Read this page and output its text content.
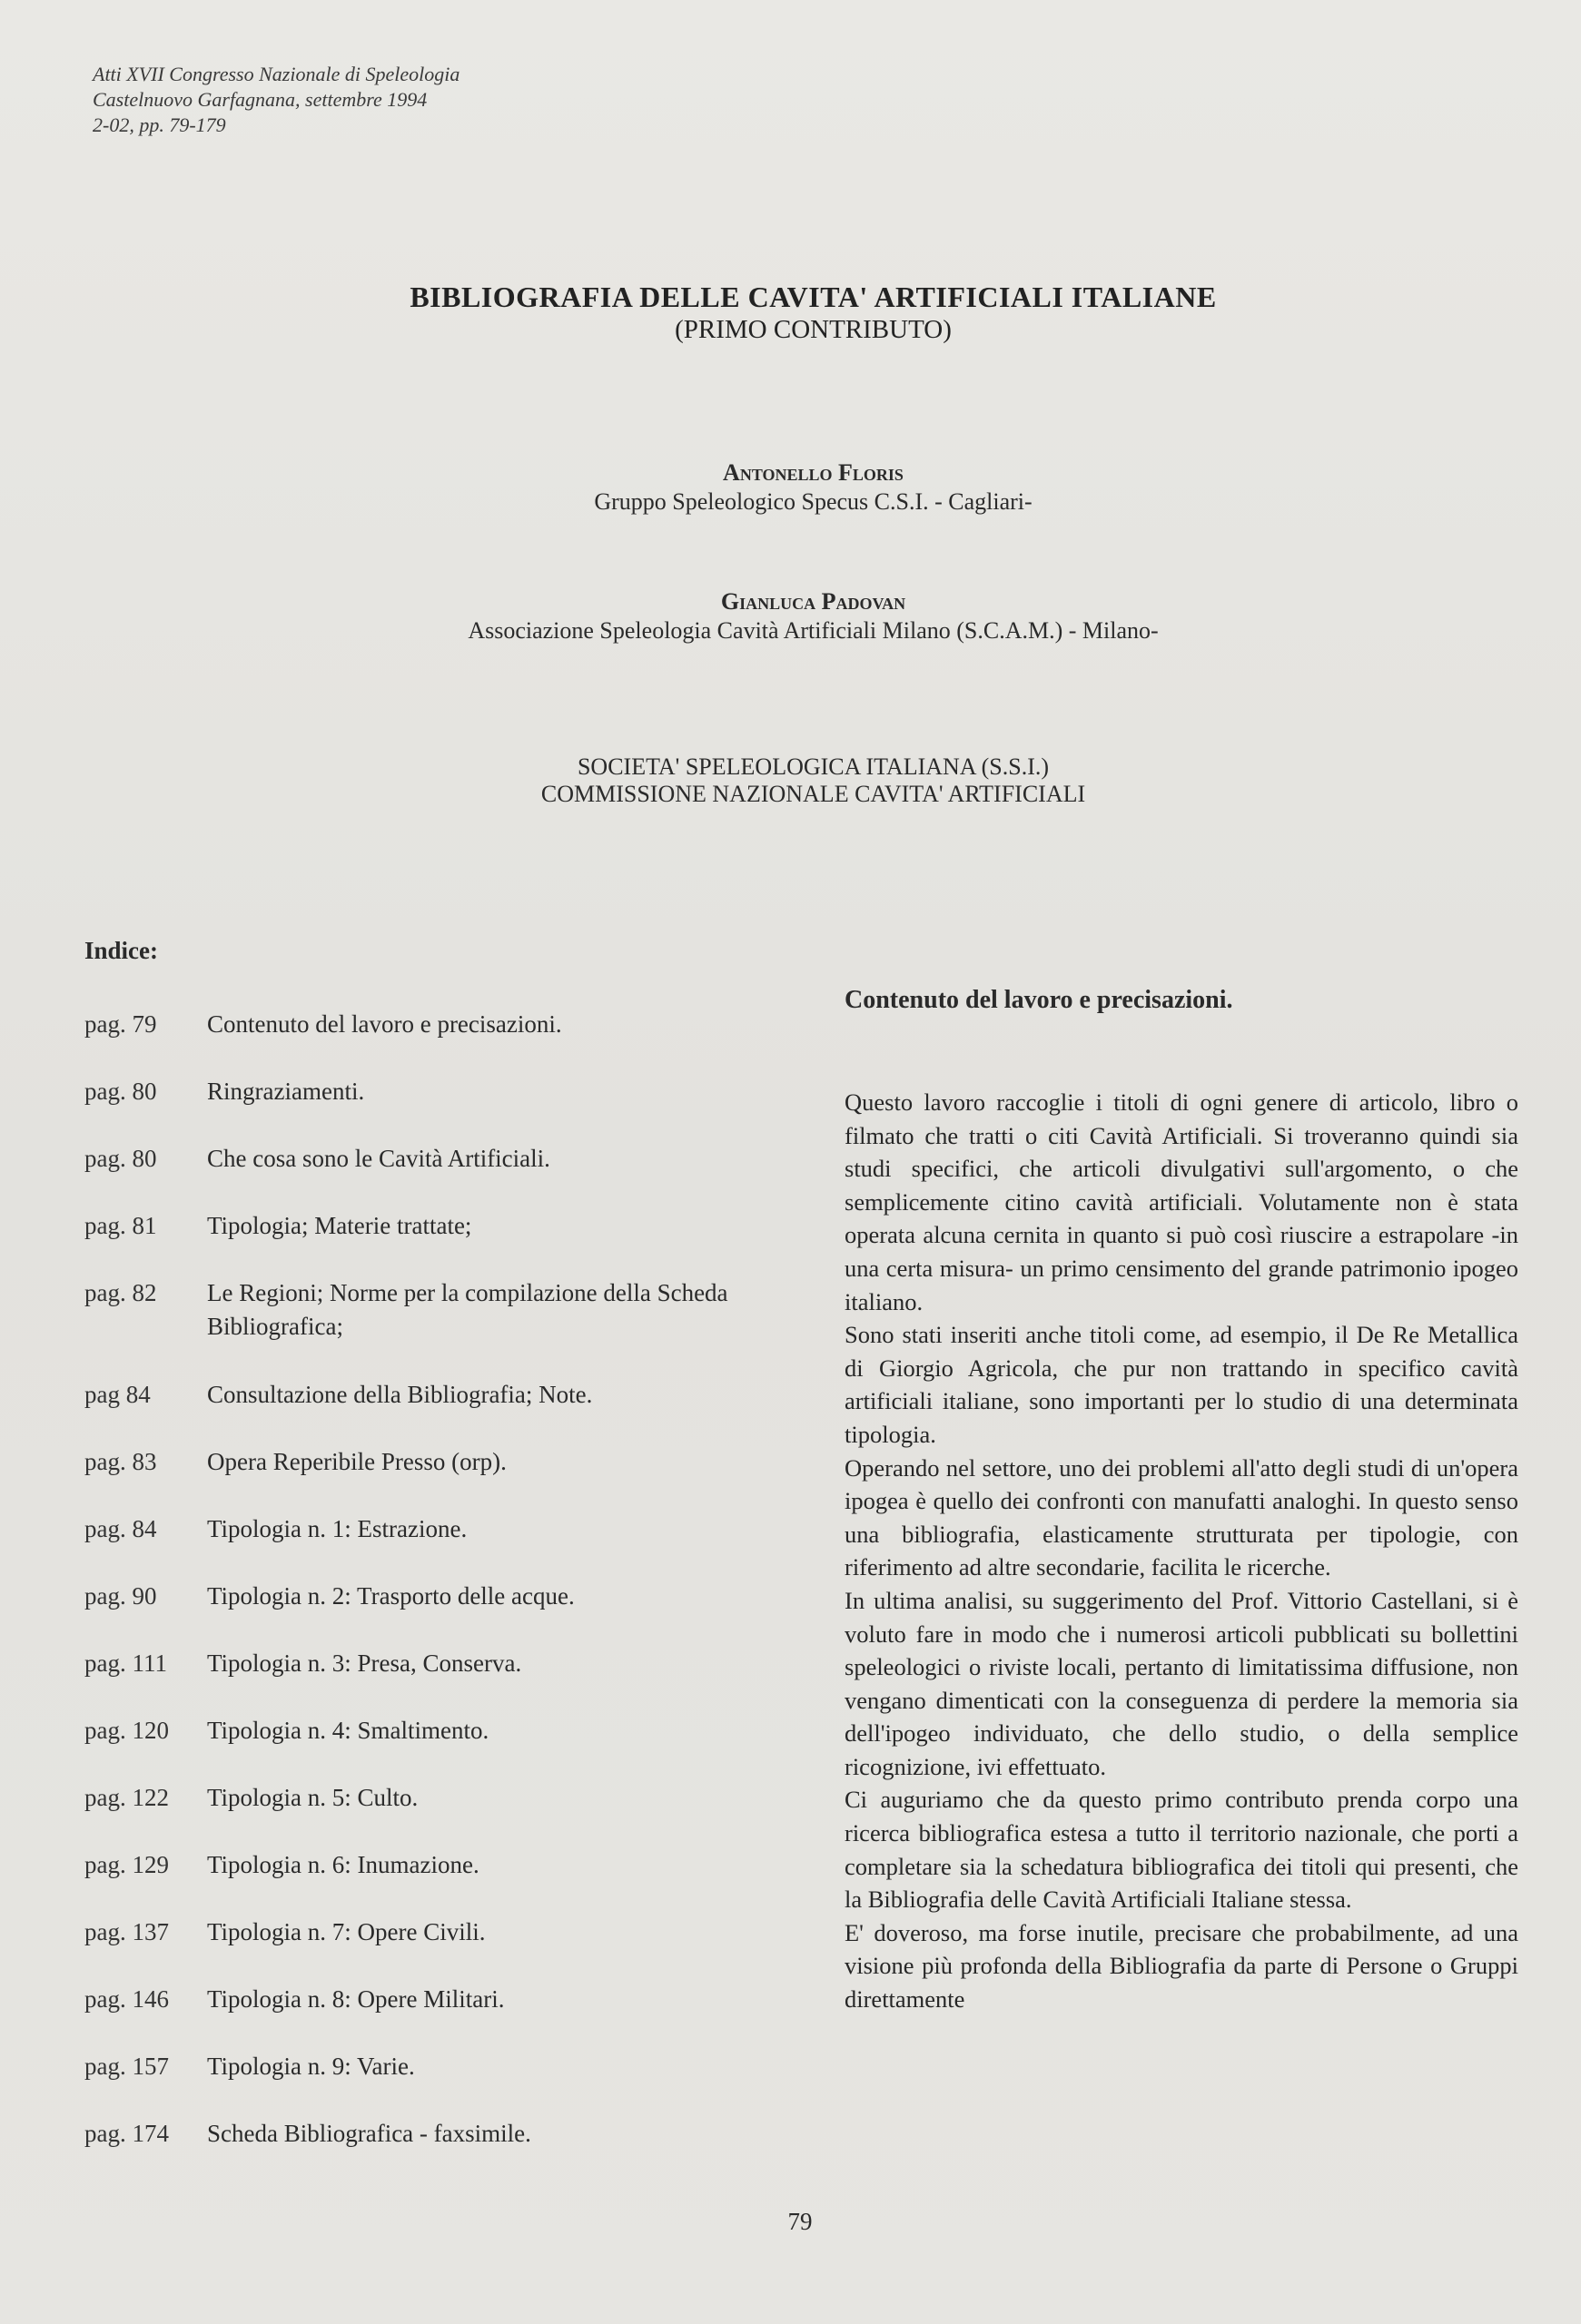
Atti XVII Congresso Nazionale di Speleologia
Castelnuovo Garfagnana, settembre 1994
2-02, pp. 79-179
BIBLIOGRAFIA DELLE CAVITA' ARTIFICIALI ITALIANE
(PRIMO CONTRIBUTO)
Antonello Floris
Gruppo Speleologico Specus C.S.I. - Cagliari-
Gianluca Padovan
Associazione Speleologia Cavità Artificiali Milano (S.C.A.M.) - Milano-
SOCIETA' SPELEOLOGICA ITALIANA (S.S.I.)
COMMISSIONE NAZIONALE CAVITA' ARTIFICIALI
Indice:
pag. 79	Contenuto del lavoro e precisazioni.
pag. 80	Ringraziamenti.
pag. 80	Che cosa sono le Cavità Artificiali.
pag. 81	Tipologia; Materie trattate;
pag. 82	Le Regioni; Norme per la compilazione della Scheda Bibliografica;
pag 84	Consultazione della Bibliografia; Note.
pag. 83	Opera Reperibile Presso (orp).
pag. 84	Tipologia n. 1: Estrazione.
pag. 90	Tipologia n. 2: Trasporto delle acque.
pag. 111	Tipologia n. 3: Presa, Conserva.
pag. 120	Tipologia n. 4: Smaltimento.
pag. 122	Tipologia n. 5: Culto.
pag. 129	Tipologia n. 6: Inumazione.
pag. 137	Tipologia n. 7: Opere Civili.
pag. 146	Tipologia n. 8: Opere Militari.
pag. 157	Tipologia n. 9: Varie.
pag. 174	Scheda Bibliografica - faxsimile.
Contenuto del lavoro e precisazioni.

Questo lavoro raccoglie i titoli di ogni genere di articolo, libro o filmato che tratti o citi Cavità Artificiali. Si troveranno quindi sia studi specifici, che articoli divulgativi sull'argomento, o che semplicemente citino cavità artificiali. Volutamente non è stata operata alcuna cernita in quanto si può così riuscire a estrapolare -in una certa misura- un primo censimento del grande patrimonio ipogeo italiano.

Sono stati inseriti anche titoli come, ad esempio, il De Re Metallica di Giorgio Agricola, che pur non trattando in specifico cavità artificiali italiane, sono importanti per lo studio di una determinata tipologia.

Operando nel settore, uno dei problemi all'atto degli studi di un'opera ipogea è quello dei confronti con manufatti analoghi. In questo senso una bibliografia, elasticamente strutturata per tipologie, con riferimento ad altre secondarie, facilita le ricerche.

In ultima analisi, su suggerimento del Prof. Vittorio Castellani, si è voluto fare in modo che i numerosi articoli pubblicati su bollettini speleologici o riviste locali, pertanto di limitatissima diffusione, non vengano dimenticati con la conseguenza di perdere la memoria sia dell'ipogeo individuato, che dello studio, o della semplice ricognizione, ivi effettuato.

Ci auguriamo che da questo primo contributo prenda corpo una ricerca bibliografica estesa a tutto il territorio nazionale, che porti a completare sia la schedatura bibliografica dei titoli qui presenti, che la Bibliografia delle Cavità Artificiali Italiane stessa.

E' doveroso, ma forse inutile, precisare che probabilmente, ad una visione più profonda della Bibliografia da parte di Persone o Gruppi direttamente

79
